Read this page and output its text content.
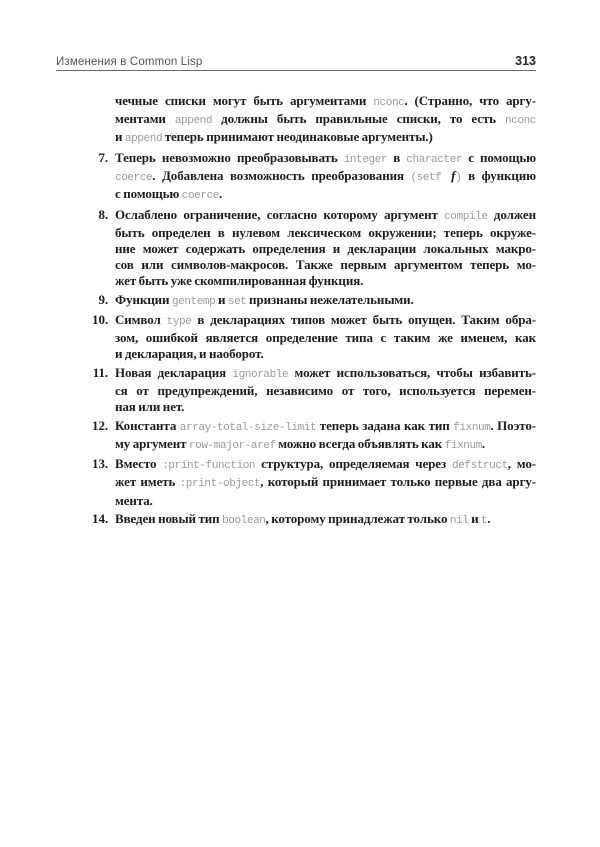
Изменения в Common Lisp	313
чечные списки могут быть аргументами nconc. (Странно, что аргу-
ментами append должны быть правильные списки, то есть nconc
и append теперь принимают неодинаковые аргументы.)
7. Теперь невозможно преобразовывать integer в character с помощью
coerce. Добавлена возможность преобразования (setf f) в функцию
с помощью coerce.
8. Ослаблено ограничение, согласно которому аргумент compile должен
быть определен в нулевом лексическом окружении; теперь окруже-
ние может содержать определения и декларации локальных макро-
сов или символов-макросов. Также первым аргументом теперь мо-
жет быть уже скомпилированная функция.
9. Функции gentemp и set признаны нежелательными.
10. Символ type в декларациях типов может быть опущен. Таким обра-
зом, ошибкой является определение типа с таким же именем, как
и декларация, и наоборот.
11. Новая декларация ignorable может использоваться, чтобы избавить-
ся от предупреждений, независимо от того, используется перемен-
ная или нет.
12. Константа array-total-size-limit теперь задана как тип fixnum. Поэто-
му аргумент row-major-aref можно всегда объявлять как fixnum.
13. Вместо :print-function структура, определяемая через defstruct, мо-
жет иметь :print-object, который принимает только первые два аргу-
мента.
14. Введен новый тип boolean, которому принадлежат только nil и t.
